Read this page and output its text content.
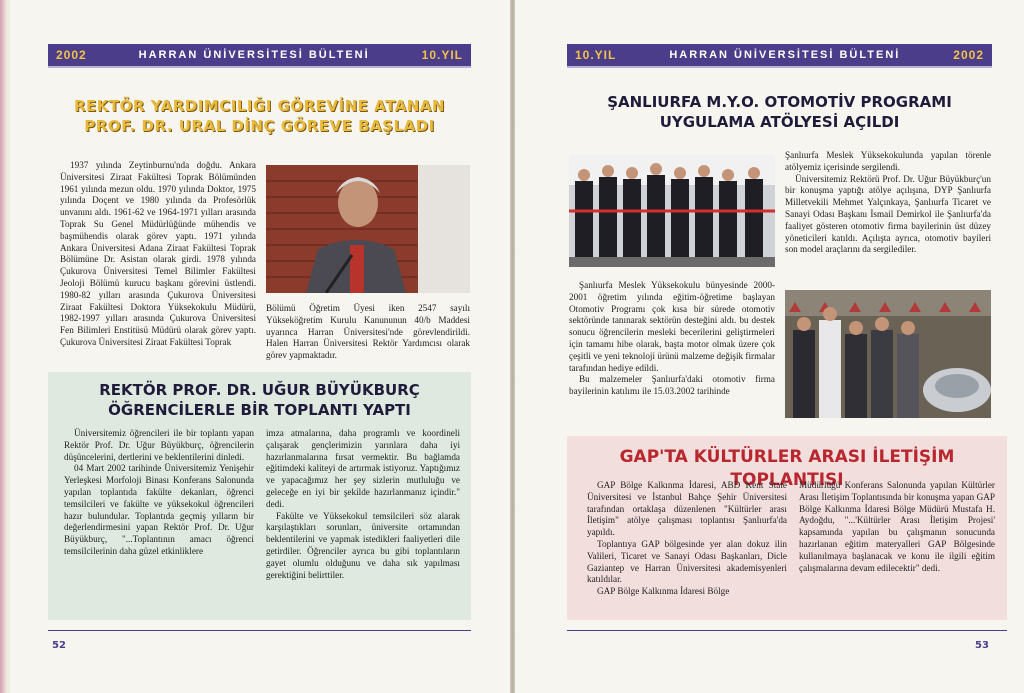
2002	HARRAN ÜNİVERSİTESİ BÜLTENİ	10.YIL
REKTÖR YARDIMCILIĞI GÖREVİNE ATANAN
PROF. DR. URAL DİNÇ GÖREVE BAŞLADI

1937 yılında Zeytinburnu'nda doğdu. Ankara Üniversitesi Ziraat Fakültesi Toprak Bölümünden 1961 yılında mezun oldu. 1970 yılında Doktor, 1975 yılında Doçent ve 1980 yılında da Profesörlük unvanını aldı. 1961-62 ve 1964-1971 yılları arasında Toprak Su Genel Müdürlüğünde mühendis ve başmühendis olarak görev yaptı. 1971 yılında Ankara Üniversitesi Adana Ziraat Fakültesi Toprak Bölümüne Dr. Asistan olarak girdi. 1978 yılında Çukurova Üniversitesi Temel Bilimler Fakültesi Jeoloji Bölümü kurucu başkanı görevini üstlendi. 1980-82 yılları arasında Çukurova Üniversitesi Ziraat Fakültesi Doktora Yüksekokulu Müdürü, 1982-1997 yılları arasında Çukurova Üniversitesi Fen Bilimleri Enstitüsü Müdürü olarak görev yaptı. Çukurova Üniversitesi Ziraat Fakültesi Toprak

Bölümü Öğretim Üyesi iken 2547 sayılı Yükseköğretim Kurulu Kanununun 40/b Maddesi uyarınca Harran Üniversitesi'nde görevlendirildi. Halen Harran Üniversitesi Rektör Yardımcısı olarak görev yapmaktadır.

REKTÖR PROF. DR. UĞUR BÜYÜKBURÇ
ÖĞRENCİLERLE BİR TOPLANTI YAPTI

Üniversitemiz öğrencileri ile bir toplantı yapan Rektör Prof. Dr. Uğur Büyükburç, öğrencilerin düşüncelerini, dertlerini ve beklentilerini dinledi.

04 Mart 2002 tarihinde Üniversitemiz Yenişehir Yerleşkesi Morfoloji Binası Konferans Salonunda yapılan toplantıda fakülte dekanları, öğrenci temsilcileri ve fakülte ve yüksekokul öğrencileri hazır bulundular. Toplantıda geçmiş yılların bir değerlendirmesini yapan Rektör Prof. Dr. Uğur Büyükburç, "...Toplantının amacı öğrenci temsilcilerinin daha güzel etkinliklere

imza atmalarına, daha programlı ve koordineli çalışarak gençlerimizin yarınlara daha iyi hazırlanmalarına fırsat vermektir. Bu bağlamda eğitimdeki kaliteyi de artırmak istiyoruz. Yaptığımız ve yapacağımız her şey sizlerin mutluluğu ve geleceğe en iyi bir şekilde hazırlanmanız içindir." dedi.

Fakülte ve Yüksekokul temsilcileri söz alarak karşılaştıkları sorunları, üniversite ortamından beklentilerini ve yapmak istedikleri faaliyetleri dile getirdiler. Öğrenciler ayrıca bu gibi toplantıların gayet olumlu olduğunu ve daha sık yapılması gerektiğini belirttiler.

52
10.YIL	HARRAN ÜNİVERSİTESİ BÜLTENİ	2002
ŞANLIURFA M.Y.O. OTOMOTİV PROGRAMI
UYGULAMA ATÖLYESİ AÇILDI

Şanlıurfa Meslek Yüksekokulunda yapılan törenle atölyemiz içerisinde sergilendi.

Üniversitemiz Rektörü Prof. Dr. Uğur Büyükburç'un bir konuşma yaptığı atölye açılışına, DYP Şanlıurfa Milletvekili Mehmet Yalçınkaya, Şanlıurfa Ticaret ve Sanayi Odası Başkanı İsmail Demirkol ile Şanlıurfa'da faaliyet gösteren otomotiv firma bayilerinin üst düzey yöneticileri katıldı. Açılışta ayrıca, otomotiv bayileri son model araçlarını da sergilediler.

Şanlıurfa Meslek Yüksekokulu bünyesinde 2000-2001 öğretim yılında eğitim-öğretime başlayan Otomotiv Programı çok kısa bir sürede otomotiv sektöründe tanınarak sektörün desteğini aldı. bu destek sonucu öğrencilerin mesleki becerilerini geliştirmeleri için tamamı hibe olarak, başta motor olmak üzere çok çeşitli ve yeni teknoloji ürünü malzeme değişik firmalar tarafından hediye edildi.

Bu malzemeler Şanlıurfa'daki otomotiv firma bayilerinin katılımı ile 15.03.2002 tarihinde

GAP'TA KÜLTÜRLER ARASI İLETİŞİM TOPLANTISI

GAP Bölge Kalkınma İdaresi, ABD Kent State Üniversitesi ve İstanbul Bahçe Şehir Üniversitesi tarafından ortaklaşa düzenlenen "Kültürler arası İletişim" atölye çalışması toplantısı Şanlıurfa'da yapıldı.

Toplantıya GAP bölgesinde yer alan dokuz ilin Valileri, Ticaret ve Sanayi Odası Başkanları, Dicle Gaziantep ve Harran Üniversitesi akademisyenleri katıldılar.

GAP Bölge Kalkınma İdaresi Bölge

Müdürlüğü Konferans Salonunda yapılan Kültürler Arası İletişim Toplantısında bir konuşma yapan GAP Bölge Kalkınma İdaresi Bölge Müdürü Mustafa H. Aydoğdu, "...'Kültürler Arası İletişim Projesi' kapsamında yapılan bu çalışmanın sonucunda hazırlanan eğitim materyalleri GAP Bölgesinde kullanılmaya başlanacak ve konu ile ilgili eğitim çalışmalarına devam edilecektir" dedi.

53
